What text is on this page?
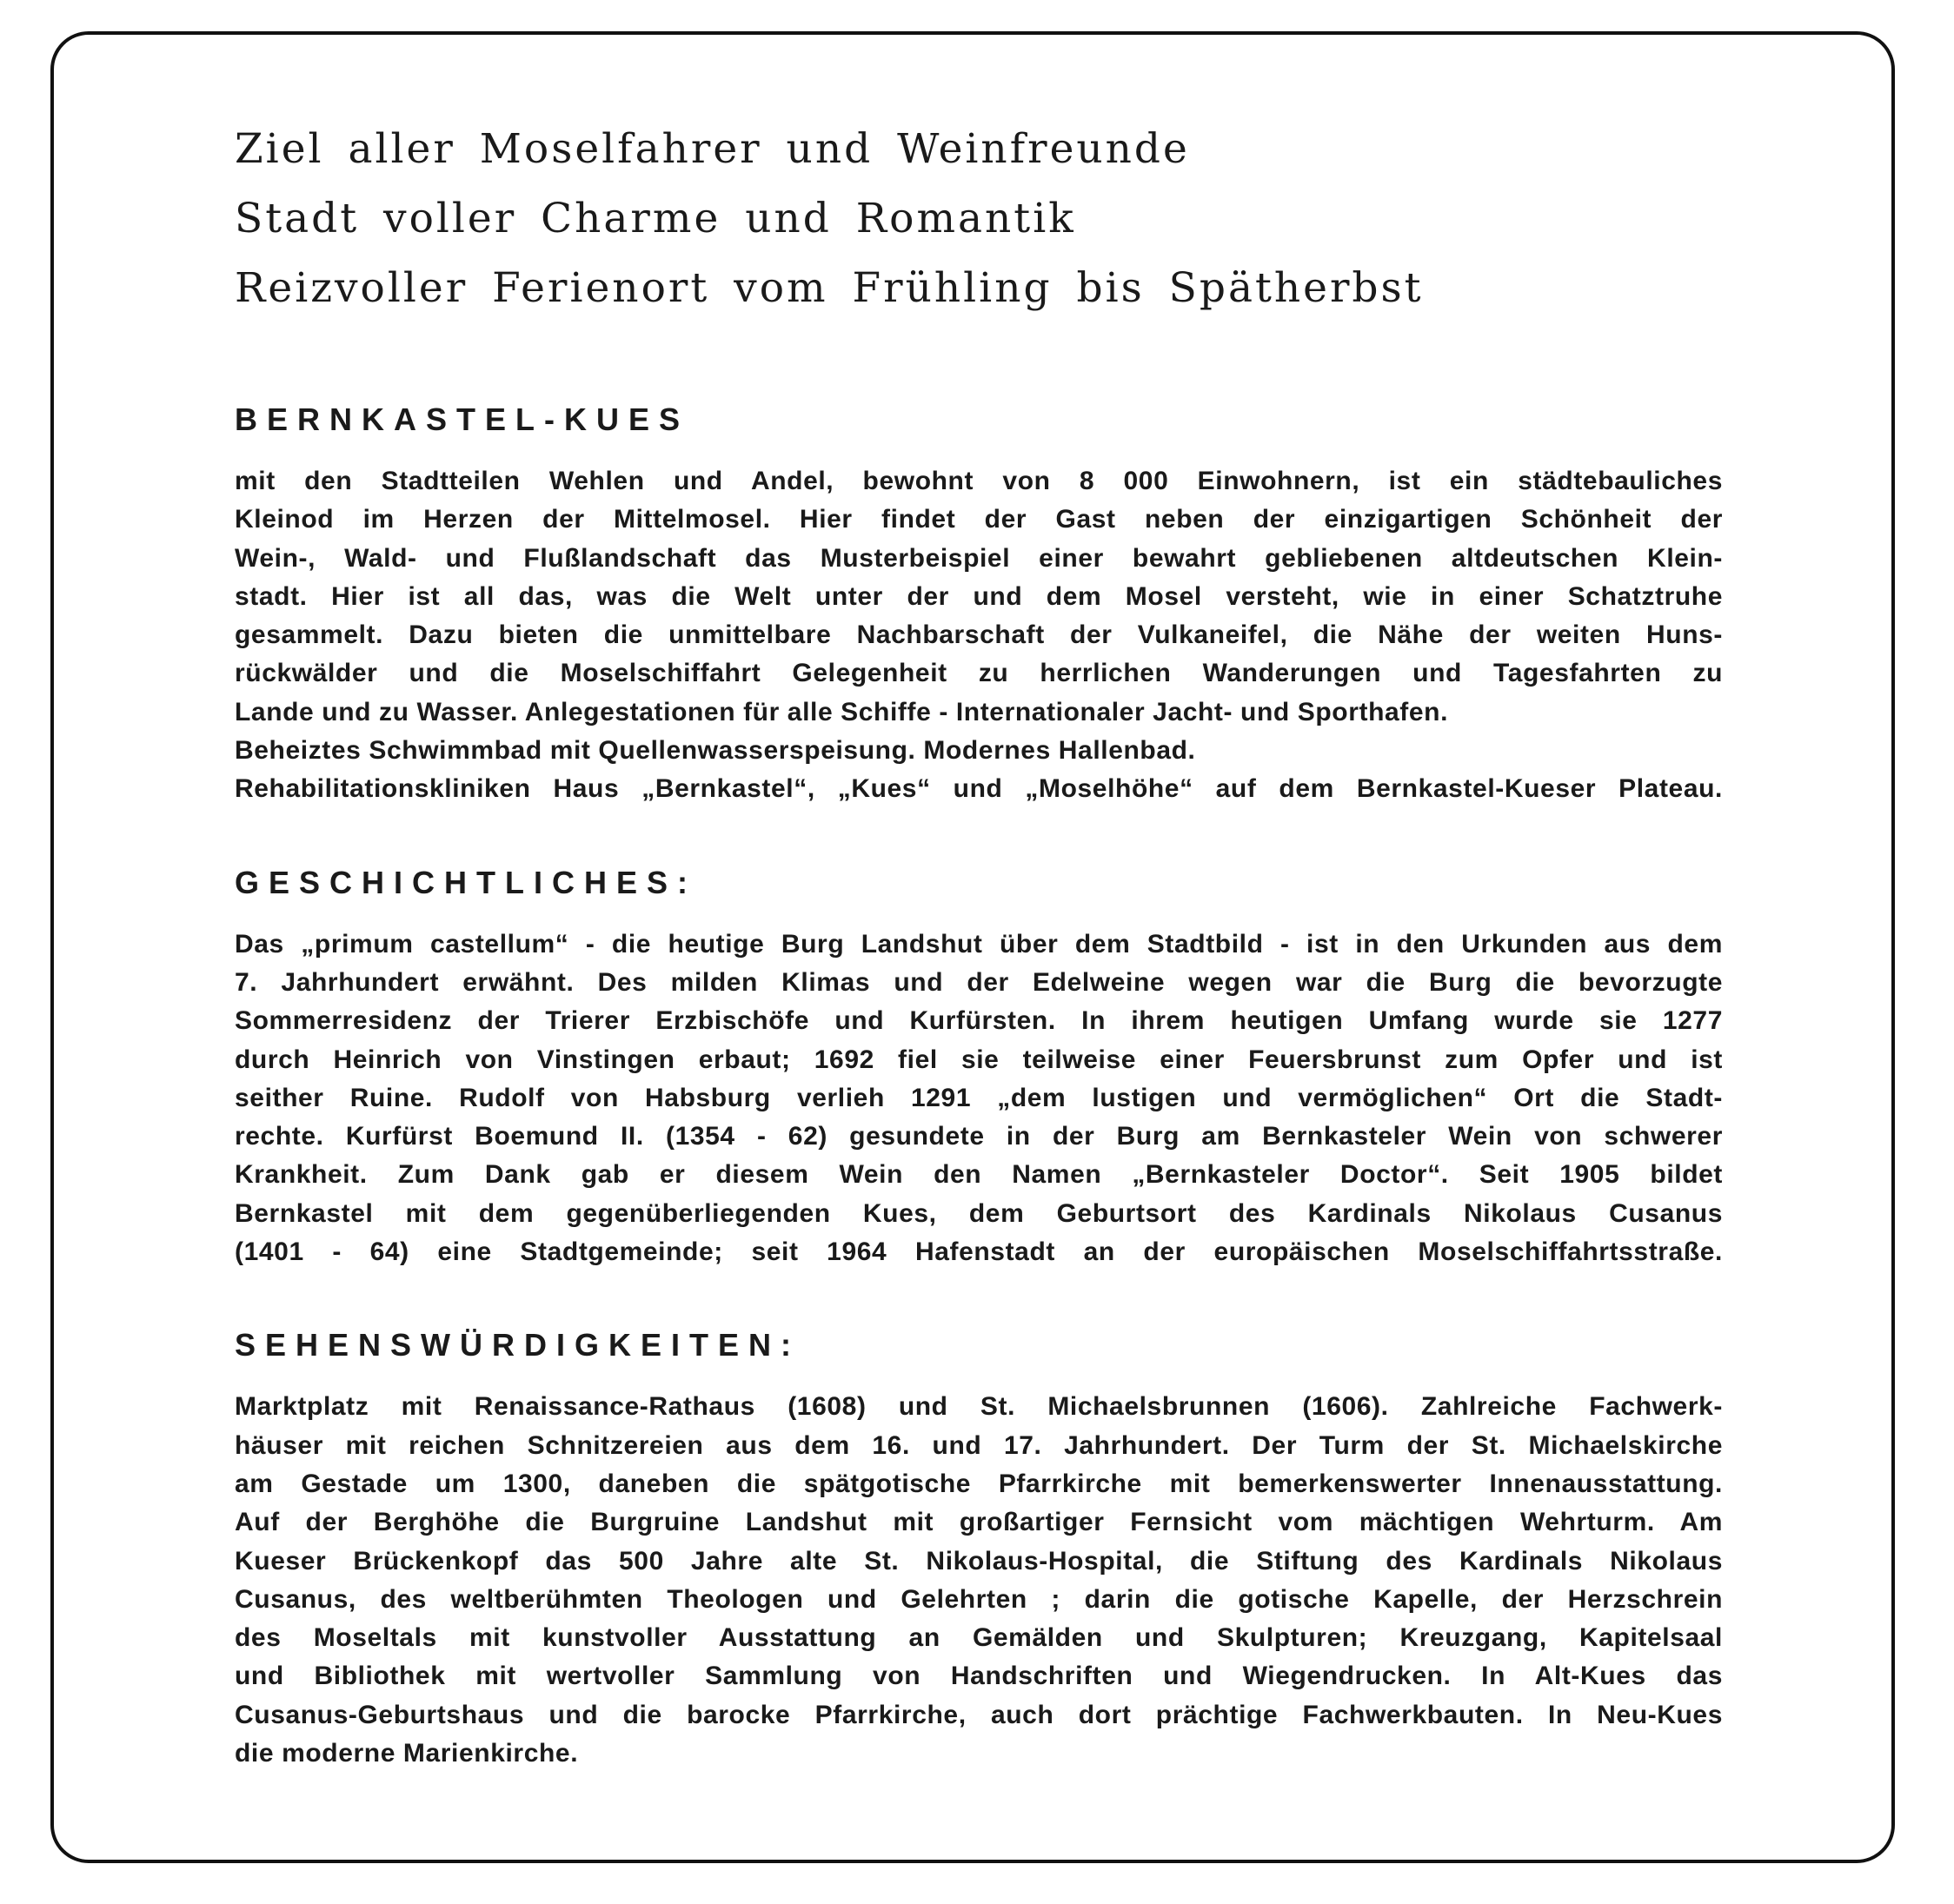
Ziel aller Moselfahrer und Weinfreunde
Stadt voller Charme und Romantik
Reizvoller Ferienort vom Frühling bis Spätherbst
BERNKASTEL-KUES

mit den Stadtteilen Wehlen und Andel, bewohnt von 8 000 Einwohnern, ist ein städtebauliches
Kleinod im Herzen der Mittelmosel. Hier findet der Gast neben der einzigartigen Schönheit der
Wein-, Wald- und Flußlandschaft das Musterbeispiel einer bewahrt gebliebenen altdeutschen Klein-
stadt. Hier ist all das, was die Welt unter der und dem Mosel versteht, wie in einer Schatztruhe
gesammelt. Dazu bieten die unmittelbare Nachbarschaft der Vulkaneifel, die Nähe der weiten Huns-
rückwälder und die Moselschiffahrt Gelegenheit zu herrlichen Wanderungen und Tagesfahrten zu
Lande und zu Wasser. Anlegestationen für alle Schiffe - Internationaler Jacht- und Sporthafen.
Beheiztes Schwimmbad mit Quellenwasserspeisung. Modernes Hallenbad.
Rehabilitationskliniken Haus „Bernkastel“, „Kues“ und „Moselhöhe“ auf dem Bernkastel-Kueser Plateau.

GESCHICHTLICHES:

Das „primum castellum“ - die heutige Burg Landshut über dem Stadtbild - ist in den Urkunden aus dem
7. Jahrhundert erwähnt. Des milden Klimas und der Edelweine wegen war die Burg die bevorzugte
Sommerresidenz der Trierer Erzbischöfe und Kurfürsten. In ihrem heutigen Umfang wurde sie 1277
durch Heinrich von Vinstingen erbaut; 1692 fiel sie teilweise einer Feuersbrunst zum Opfer und ist
seither Ruine. Rudolf von Habsburg verlieh 1291 „dem lustigen und vermöglichen“ Ort die Stadt-
rechte. Kurfürst Boemund II. (1354 - 62) gesundete in der Burg am Bernkasteler Wein von schwerer
Krankheit. Zum Dank gab er diesem Wein den Namen „Bernkasteler Doctor“. Seit 1905 bildet
Bernkastel mit dem gegenüberliegenden Kues, dem Geburtsort des Kardinals Nikolaus Cusanus
(1401 - 64) eine Stadtgemeinde; seit 1964 Hafenstadt an der europäischen Moselschiffahrtsstraße.

SEHENSWÜRDIGKEITEN:

Marktplatz mit Renaissance-Rathaus (1608) und St. Michaelsbrunnen (1606). Zahlreiche Fachwerk-
häuser mit reichen Schnitzereien aus dem 16. und 17. Jahrhundert. Der Turm der St. Michaelskirche
am Gestade um 1300, daneben die spätgotische Pfarrkirche mit bemerkenswerter Innenausstattung.
Auf der Berghöhe die Burgruine Landshut mit großartiger Fernsicht vom mächtigen Wehrturm. Am
Kueser Brückenkopf das 500 Jahre alte St. Nikolaus-Hospital, die Stiftung des Kardinals Nikolaus
Cusanus, des weltberühmten Theologen und Gelehrten ; darin die gotische Kapelle, der Herzschrein
des Moseltals mit kunstvoller Ausstattung an Gemälden und Skulpturen; Kreuzgang, Kapitelsaal
und Bibliothek mit wertvoller Sammlung von Handschriften und Wiegendrucken. In Alt-Kues das
Cusanus-Geburtshaus und die barocke Pfarrkirche, auch dort prächtige Fachwerkbauten. In Neu-Kues
die moderne Marienkirche.
